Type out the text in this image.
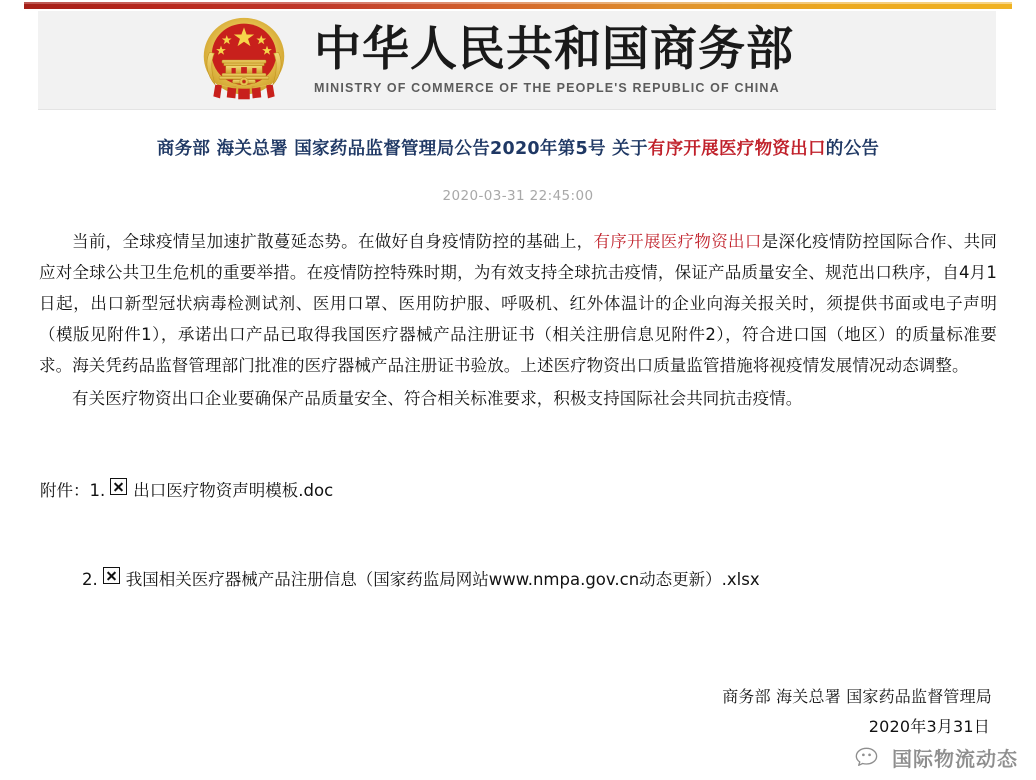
中华人民共和国商务部
MINISTRY OF COMMERCE OF THE PEOPLE'S REPUBLIC OF CHINA
商务部 海关总署 国家药品监督管理局公告2020年第5号 关于有序开展医疗物资出口的公告
2020-03-31 22:45:00

当前，全球疫情呈加速扩散蔓延态势。在做好自身疫情防控的基础上，有序开展医疗物资出口是深化疫情防控国际合作、共同应对全球公共卫生危机的重要举措。在疫情防控特殊时期，为有效支持全球抗击疫情，保证产品质量安全、规范出口秩序，自4月1日起，出口新型冠状病毒检测试剂、医用口罩、医用防护服、呼吸机、红外体温计的企业向海关报关时，须提供书面或电子声明（模版见附件1），承诺出口产品已取得我国医疗器械产品注册证书（相关注册信息见附件2），符合进口国（地区）的质量标准要求。海关凭药品监督管理部门批准的医疗器械产品注册证书验放。上述医疗物资出口质量监管措施将视疫情发展情况动态调整。

有关医疗物资出口企业要确保产品质量安全、符合相关标准要求，积极支持国际社会共同抗击疫情。

附件：1. 出口医疗物资声明模板.doc
2. 我国相关医疗器械产品注册信息（国家药监局网站www.nmpa.gov.cn动态更新）.xlsx
商务部 海关总署 国家药品监督管理局
2020年3月31日
国际物流动态
